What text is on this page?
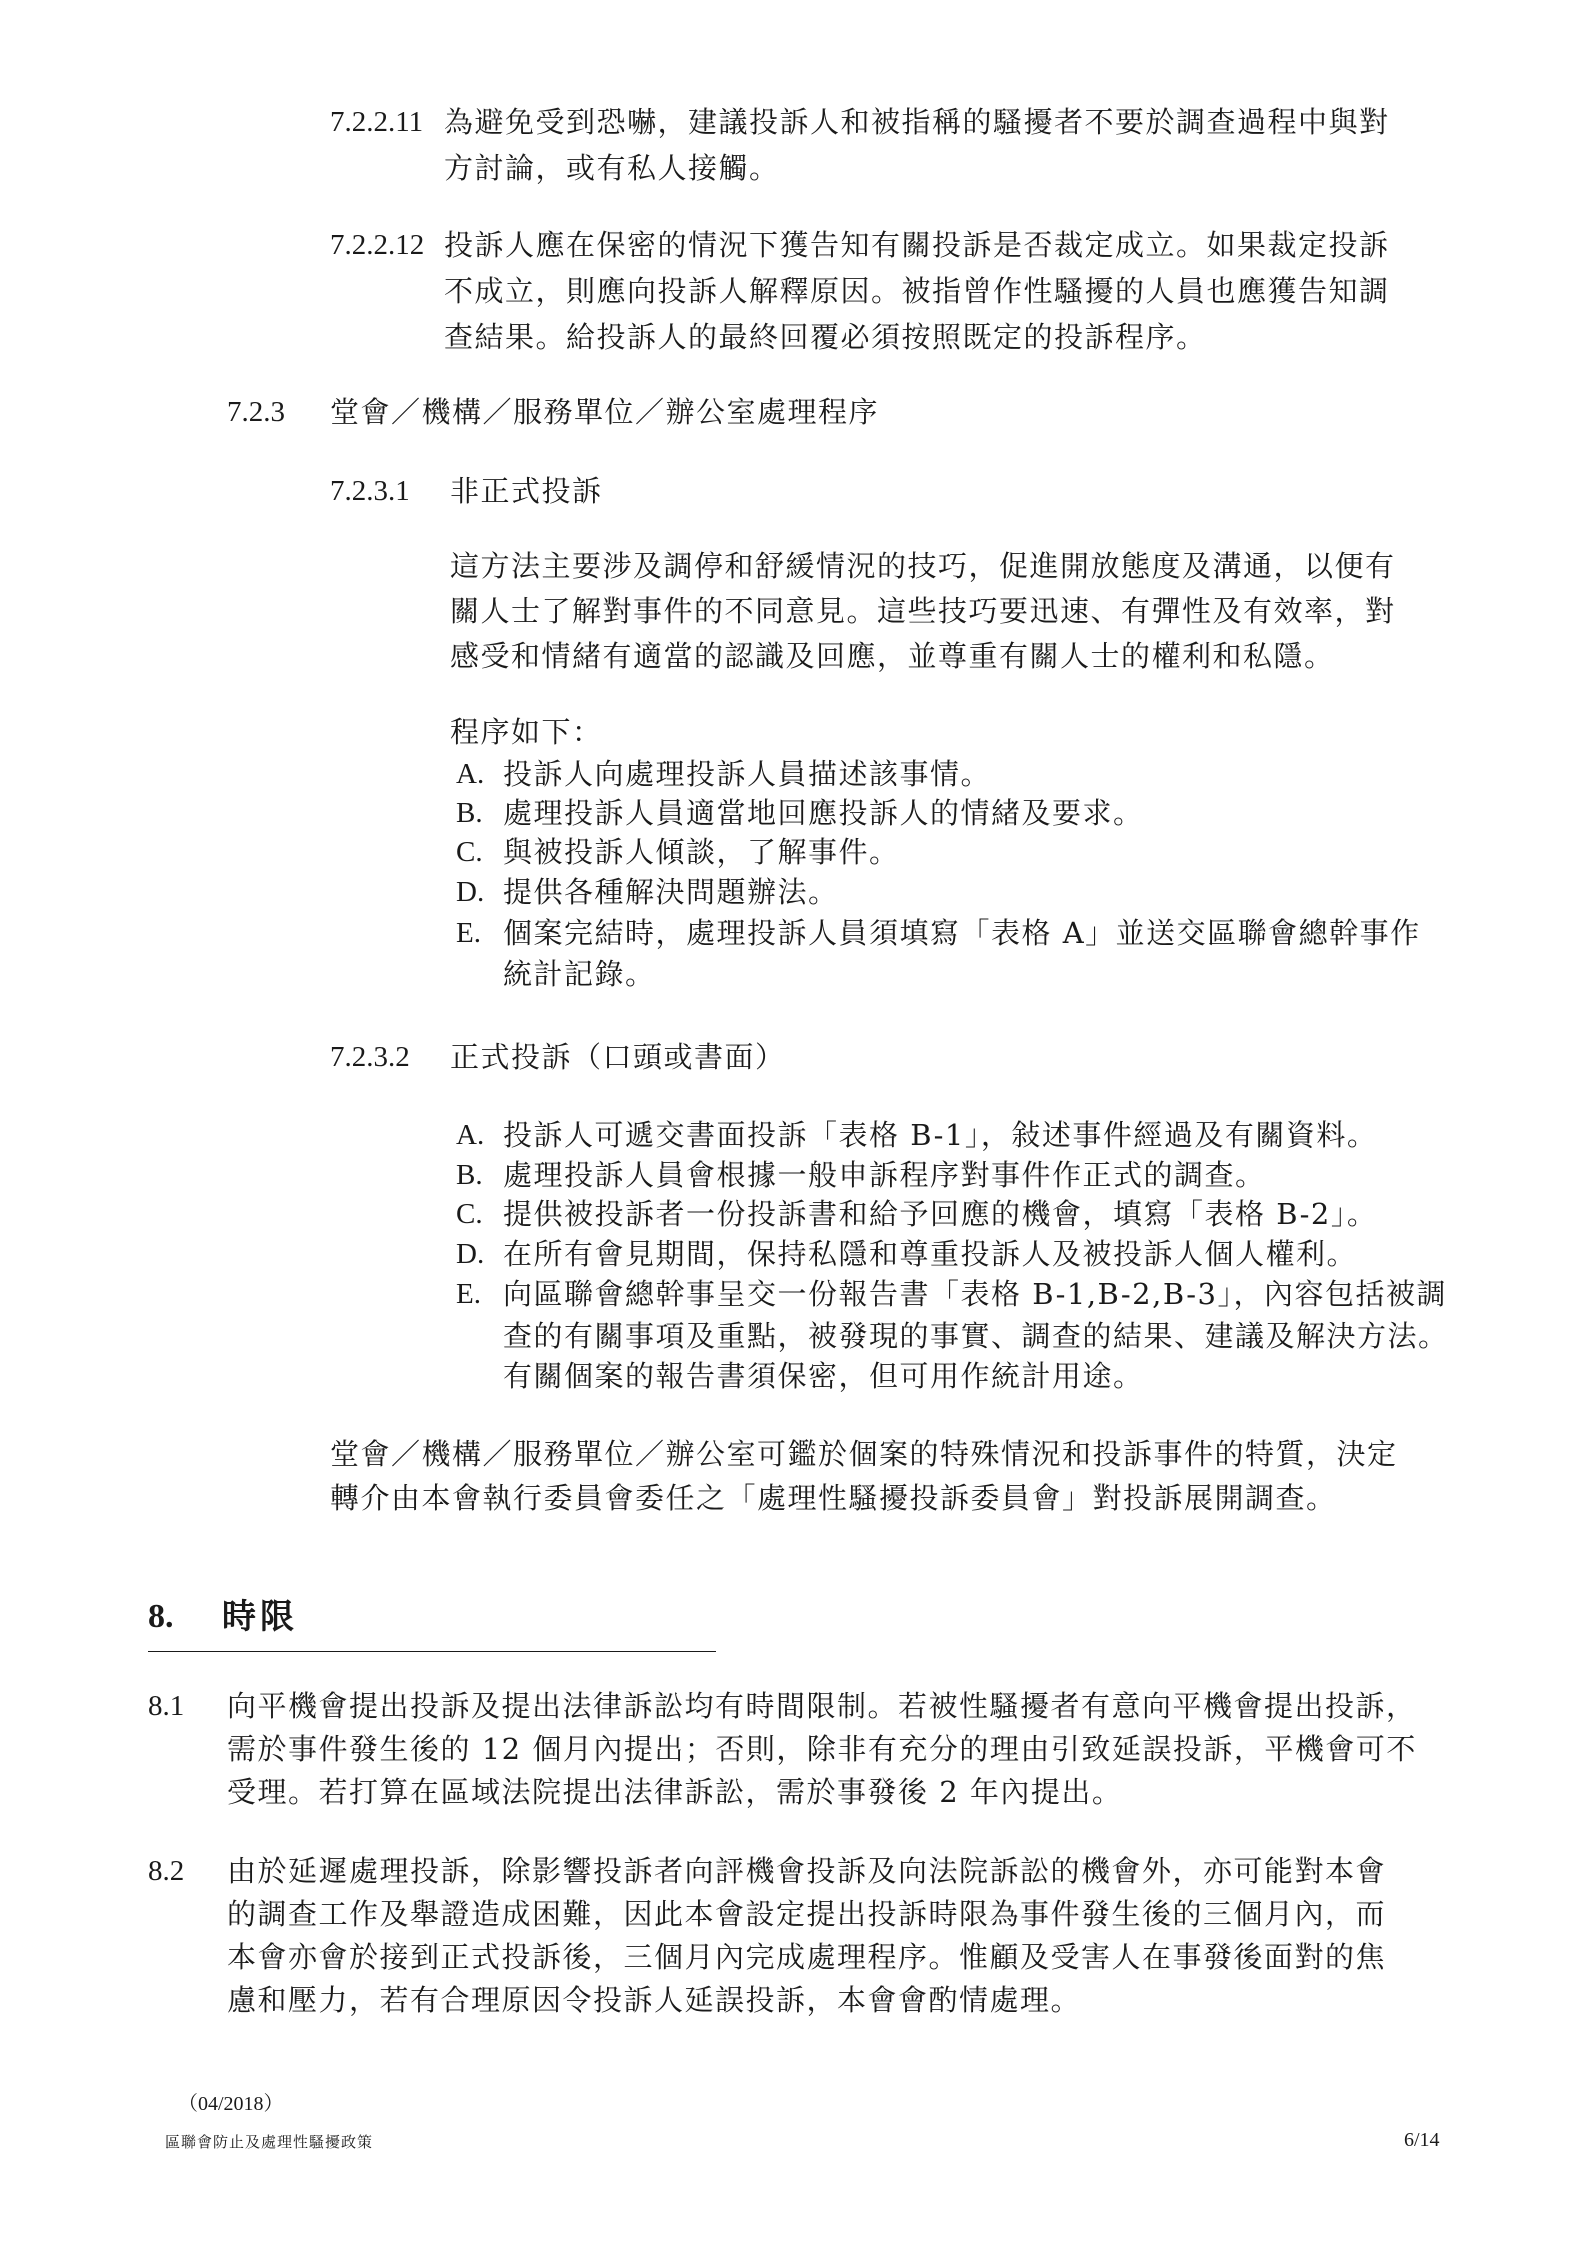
7.2.2.11 為避免受到恐嚇，建議投訴人和被指稱的騷擾者不要於調查過程中與對
方討論，或有私人接觸。
7.2.2.12 投訴人應在保密的情況下獲告知有關投訴是否裁定成立。如果裁定投訴
不成立，則應向投訴人解釋原因。被指曾作性騷擾的人員也應獲告知調
查結果。給投訴人的最終回覆必須按照既定的投訴程序。
7.2.3 堂會／機構／服務單位／辦公室處理程序
7.2.3.1 非正式投訴
這方法主要涉及調停和舒緩情況的技巧，促進開放態度及溝通，以便有
關人士了解對事件的不同意見。這些技巧要迅速、有彈性及有效率，對
感受和情緒有適當的認識及回應，並尊重有關人士的權利和私隱。
程序如下：
A. 投訴人向處理投訴人員描述該事情。
B. 處理投訴人員適當地回應投訴人的情緒及要求。
C. 與被投訴人傾談，了解事件。
D. 提供各種解決問題辦法。
E. 個案完結時，處理投訴人員須填寫「表格 A」並送交區聯會總幹事作
統計記錄。
7.2.3.2 正式投訴（口頭或書面）
A. 投訴人可遞交書面投訴「表格 B-1」，敍述事件經過及有關資料。
B. 處理投訴人員會根據一般申訴程序對事件作正式的調查。
C. 提供被投訴者一份投訴書和給予回應的機會，填寫「表格 B-2」。
D. 在所有會見期間，保持私隱和尊重投訴人及被投訴人個人權利。
E. 向區聯會總幹事呈交一份報告書「表格 B-1,B-2,B-3」，內容包括被調
查的有關事項及重點，被發現的事實、調查的結果、建議及解決方法。
有關個案的報告書須保密，但可用作統計用途。
堂會／機構／服務單位／辦公室可鑑於個案的特殊情況和投訴事件的特質，決定
轉介由本會執行委員會委任之「處理性騷擾投訴委員會」對投訴展開調查。
8. 時限
8.1 向平機會提出投訴及提出法律訴訟均有時間限制。若被性騷擾者有意向平機會提出投訴，
需於事件發生後的 12 個月內提出；否則，除非有充分的理由引致延誤投訴，平機會可不
受理。若打算在區域法院提出法律訴訟，需於事發後 2 年內提出。
8.2 由於延遲處理投訴，除影響投訴者向評機會投訴及向法院訴訟的機會外，亦可能對本會
的調查工作及舉證造成困難，因此本會設定提出投訴時限為事件發生後的三個月內，而
本會亦會於接到正式投訴後，三個月內完成處理程序。惟顧及受害人在事發後面對的焦
慮和壓力，若有合理原因令投訴人延誤投訴，本會會酌情處理。
（04/2018）
區聯會防止及處理性騷擾政策	6/14
